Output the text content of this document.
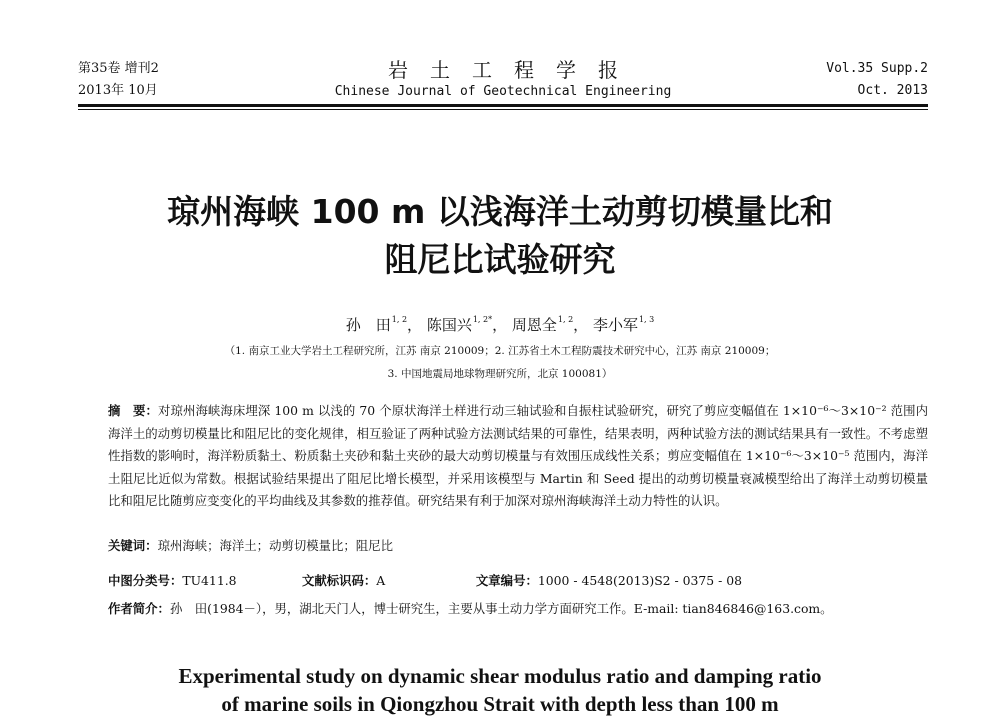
第35卷 增刊2
2013年 10月
岩土工程学报
Chinese Journal of Geotechnical Engineering
Vol.35 Supp.2
Oct. 2013
琼州海峡 100 m 以浅海洋土动剪切模量比和
阻尼比试验研究
孙　田$^{1, 2}$， 陈国兴$^{1, 2*}$， 周恩全$^{1, 2}$， 李小军$^{1, 3}$
（1. 南京工业大学岩土工程研究所，江苏 南京 210009；2. 江苏省土木工程防震技术研究中心，江苏 南京 210009；
3. 中国地震局地球物理研究所，北京 100081）
摘　要：对琼州海峡海床埋深 100 m 以浅的 70 个原状海洋土样进行动三轴试验和自振柱试验研究，研究了剪应变幅值在 1×10⁻⁶～3×10⁻² 范围内海洋土的动剪切模量比和阻尼比的变化规律，相互验证了两种试验方法测试结果的可靠性，结果表明，两种试验方法的测试结果具有一致性。不考虑塑性指数的影响时，海洋粉质黏土、粉质黏土夹砂和黏土夹砂的最大动剪切模量与有效围压成线性关系；剪应变幅值在 1×10⁻⁶～3×10⁻⁵ 范围内，海洋土阻尼比近似为常数。根据试验结果提出了阻尼比增长模型，并采用该模型与 Martin 和 Seed 提出的动剪切模量衰减模型给出了海洋土动剪切模量比和阻尼比随剪应变变化的平均曲线及其参数的推荐值。研究结果有利于加深对琼州海峡海洋土动力特性的认识。
关键词：琼州海峡；海洋土；动剪切模量比；阻尼比
中图分类号：TU411.8	文献标识码：A	文章编号：1000 - 4548(2013)S2 - 0375 - 08
作者简介：孙　田(1984－），男，湖北天门人，博士研究生，主要从事土动力学方面研究工作。E-mail: tian846846@163.com。
Experimental study on dynamic shear modulus ratio and damping ratio
of marine soils in Qiongzhou Strait with depth less than 100 m
